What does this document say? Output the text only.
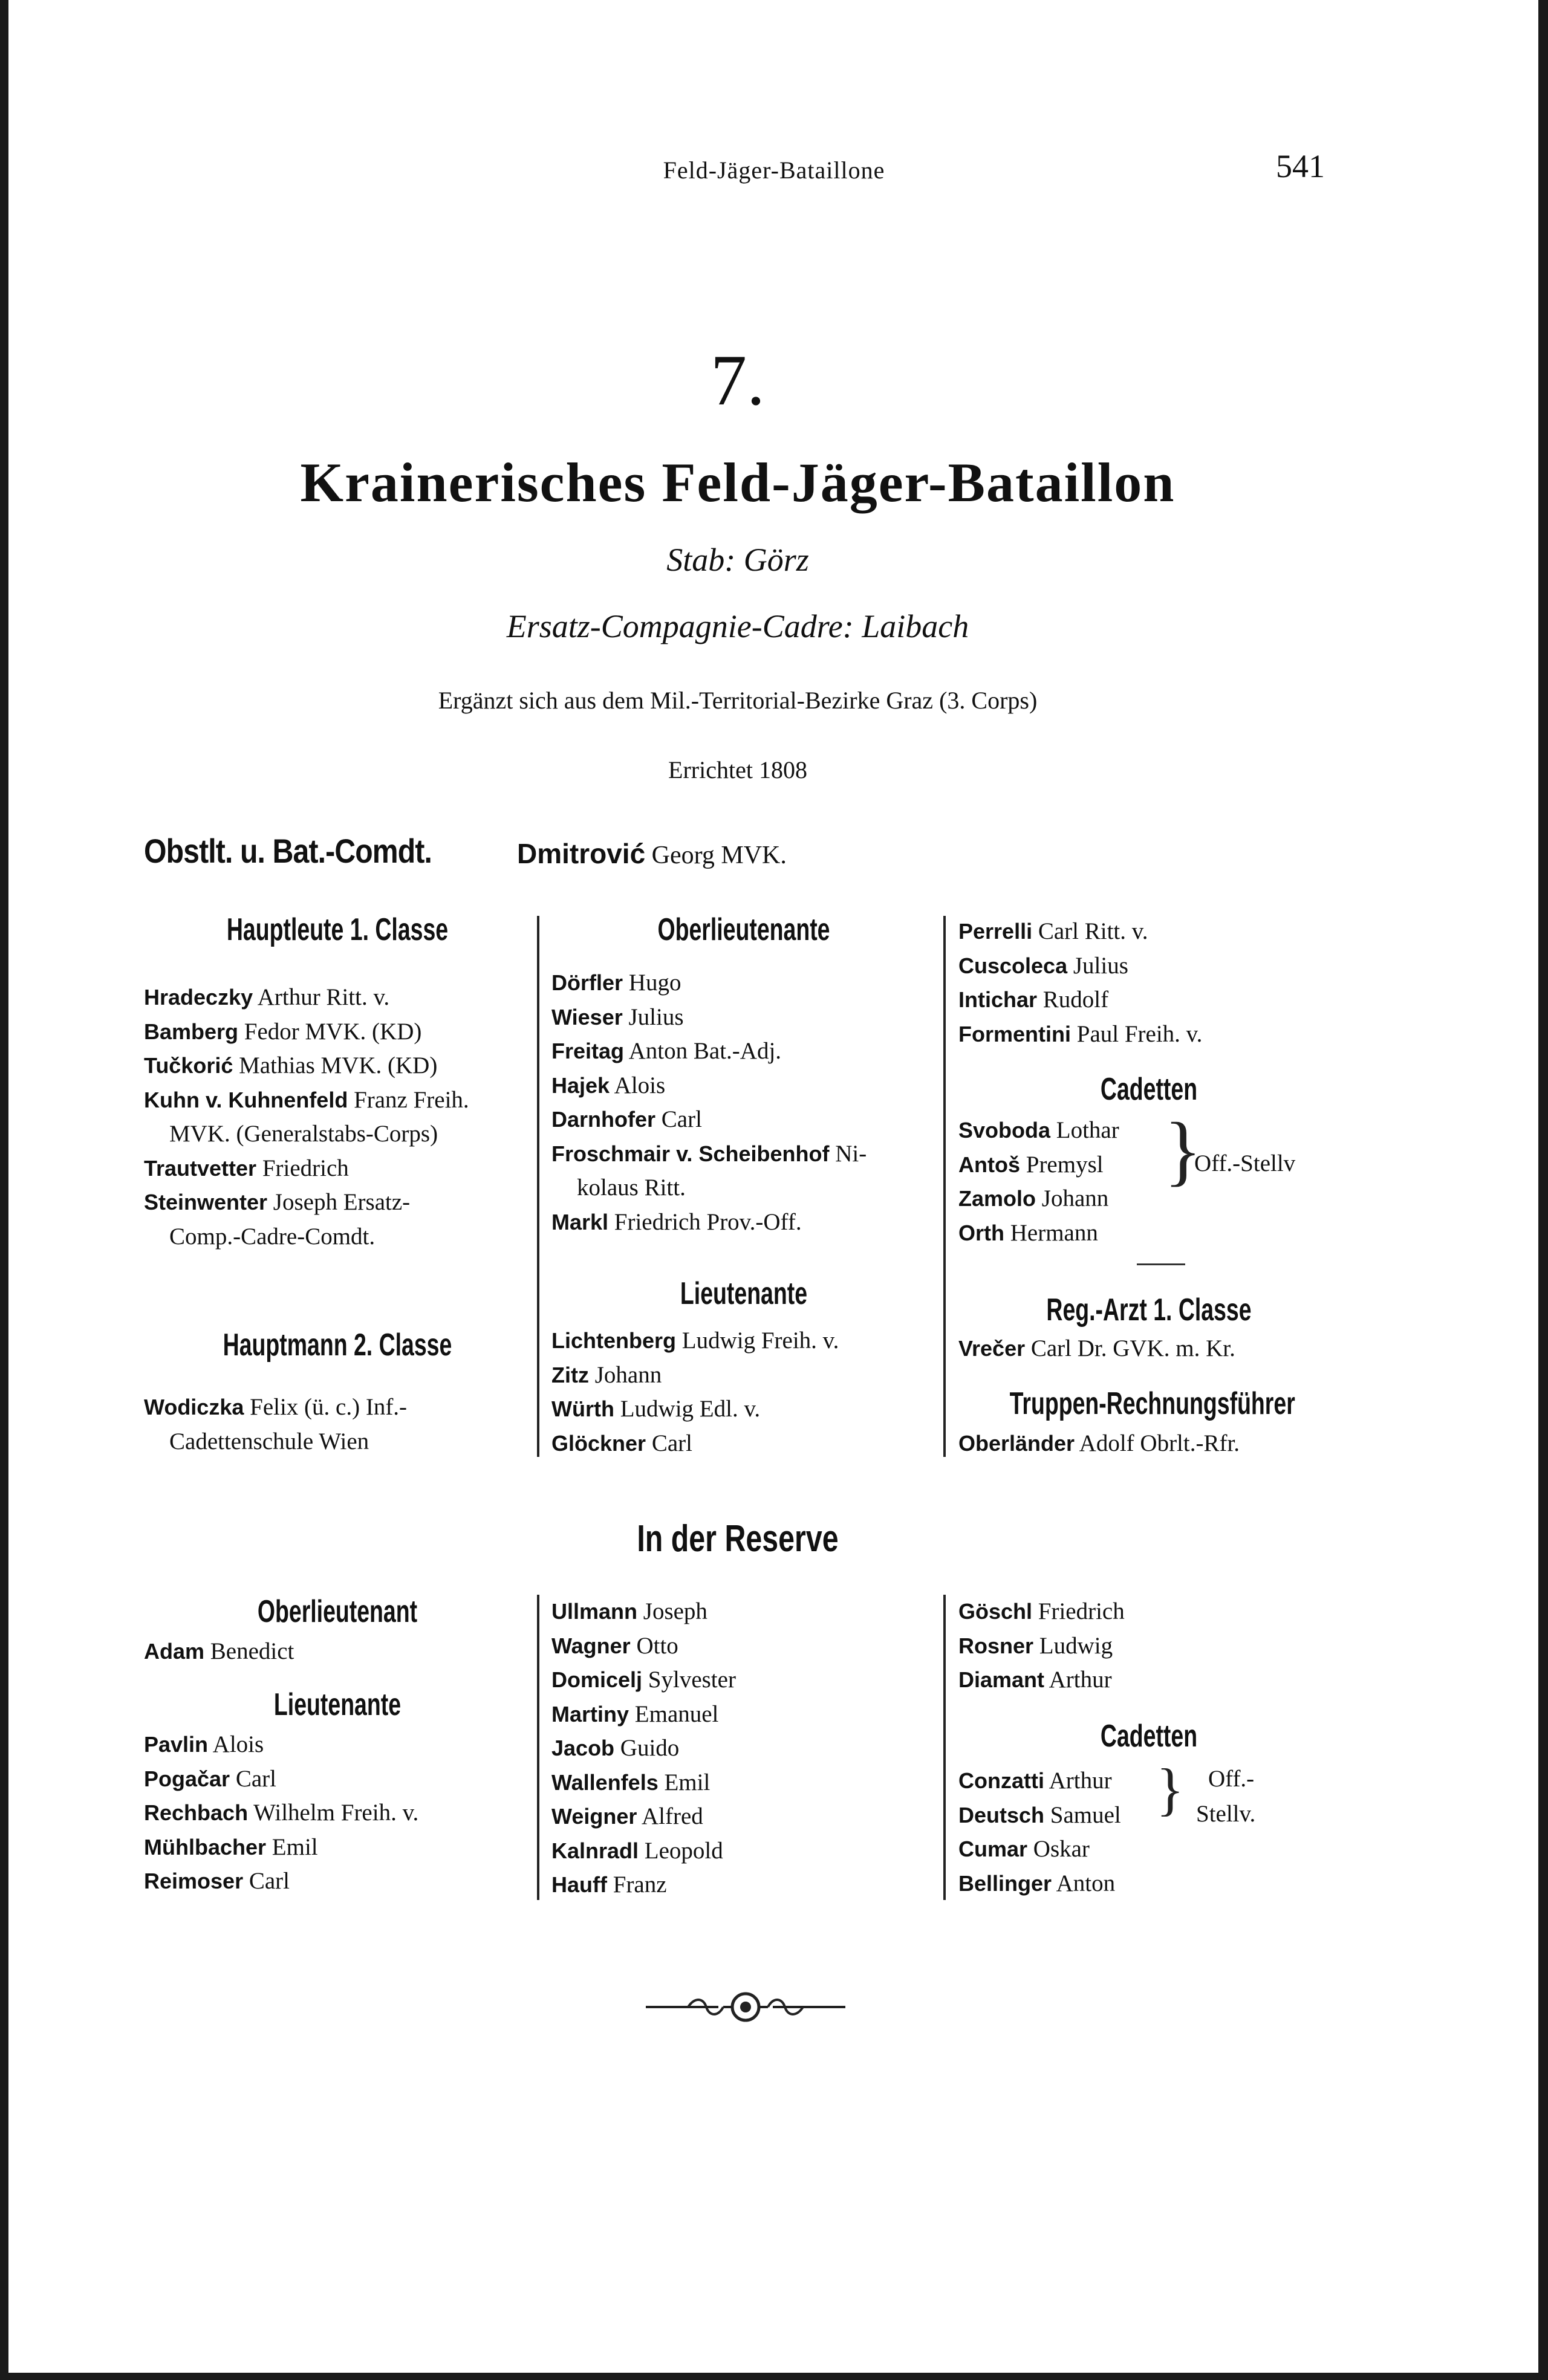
Feld-Jäger-Bataillone	541
7.
Krainerisches Feld-Jäger-Bataillon
Stab: Görz
Ersatz-Compagnie-Cadre: Laibach
Ergänzt sich aus dem Mil.-Territorial-Bezirke Graz (3. Corps)
Errichtet 1808
Obstlt. u. Bat.-Comdt.	Dmitrović Georg MVK.
Hauptleute 1. Classe
Hradeczky Arthur Ritt. v.
Bamberg Fedor MVK. (KD)
Tučkorić Mathias MVK. (KD)
Kuhn v. Kuhnenfeld Franz Freih.
MVK. (Generalstabs-Corps)
Trautvetter Friedrich
Steinwenter Joseph Ersatz-
Comp.-Cadre-Comdt.
Hauptmann 2. Classe
Wodiczka Felix (ü. c.) Inf.-
Cadettenschule Wien
Oberlieutenante
Dörfler Hugo
Wieser Julius
Freitag Anton Bat.-Adj.
Hajek Alois
Darnhofer Carl
Froschmair v. Scheibenhof Ni-
kolaus Ritt.
Markl Friedrich Prov.-Off.
Lieutenante
Lichtenberg Ludwig Freih. v.
Zitz Johann
Würth Ludwig Edl. v.
Glöckner Carl
Perrelli Carl Ritt. v.
Cuscoleca Julius
Intichar Rudolf
Formentini Paul Freih. v.
Cadetten
Svoboda Lothar
Antoš Premysl
Zamolo Johann
Orth Hermann
}
Off.-Stellv
Reg.-Arzt 1. Classe
Vrečer Carl Dr. GVK. m. Kr.
Truppen-Rechnungsführer
Oberländer Adolf Obrlt.-Rfr.
In der Reserve
Oberlieutenant
Adam Benedict
Lieutenante
Pavlin Alois
Pogačar Carl
Rechbach Wilhelm Freih. v.
Mühlbacher Emil
Reimoser Carl
Ullmann Joseph
Wagner Otto
Domicelj Sylvester
Martiny Emanuel
Jacob Guido
Wallenfels Emil
Weigner Alfred
Kalnradl Leopold
Hauff Franz
Göschl Friedrich
Rosner Ludwig
Diamant Arthur
Cadetten
Conzatti Arthur
Deutsch Samuel
Cumar Oskar
Bellinger Anton
} Off.-
Stellv.
